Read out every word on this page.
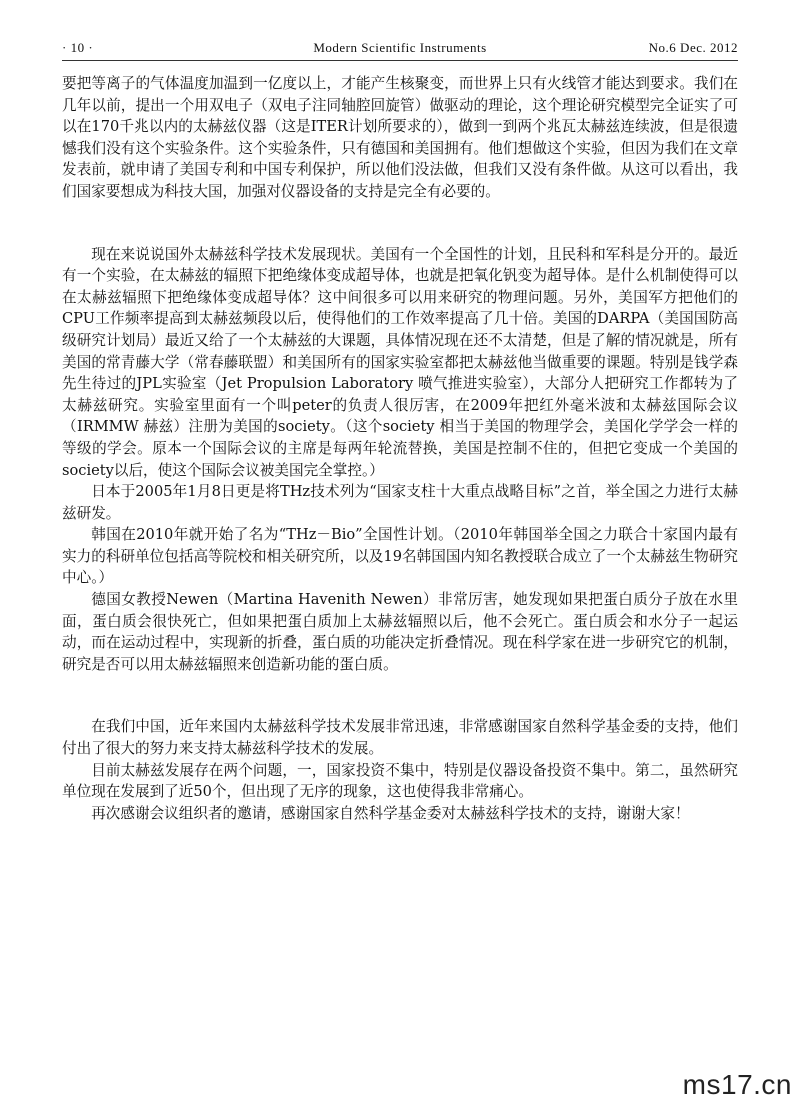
· 10 ·	Modern Scientific Instruments	No.6 Dec. 2012

要把等离子的气体温度加温到一亿度以上，才能产生核聚变，而世界上只有火线管才能达到要求。我们在几年以前，提出一个用双电子（双电子注同轴腔回旋管）做驱动的理论，这个理论研究模型完全证实了可以在170千兆以内的太赫兹仪器（这是ITER计划所要求的），做到一到两个兆瓦太赫兹连续波，但是很遗憾我们没有这个实验条件。这个实验条件，只有德国和美国拥有。他们想做这个实验，但因为我们在文章发表前，就申请了美国专利和中国专利保护，所以他们没法做，但我们又没有条件做。从这可以看出，我们国家要想成为科技大国，加强对仪器设备的支持是完全有必要的。

现在来说说国外太赫兹科学技术发展现状。美国有一个全国性的计划，且民科和军科是分开的。最近有一个实验，在太赫兹的辐照下把绝缘体变成超导体，也就是把氧化钒变为超导体。是什么机制使得可以在太赫兹辐照下把绝缘体变成超导体？这中间很多可以用来研究的物理问题。另外，美国军方把他们的CPU工作频率提高到太赫兹频段以后，使得他们的工作效率提高了几十倍。美国的DARPA（美国国防高级研究计划局）最近又给了一个太赫兹的大课题，具体情况现在还不太清楚，但是了解的情况就是，所有美国的常青藤大学（常春藤联盟）和美国所有的国家实验室都把太赫兹他当做重要的课题。特别是钱学森先生待过的JPL实验室（Jet Propulsion Laboratory 喷气推进实验室），大部分人把研究工作都转为了太赫兹研究。实验室里面有一个叫peter的负责人很厉害，在2009年把红外毫米波和太赫兹国际会议（IRMMW 赫兹）注册为美国的society。（这个society 相当于美国的物理学会，美国化学学会一样的等级的学会。原本一个国际会议的主席是每两年轮流替换，美国是控制不住的，但把它变成一个美国的society以后，使这个国际会议被美国完全掌控。）

日本于2005年1月8日更是将THz技术列为“国家支柱十大重点战略目标”之首，举全国之力进行太赫兹研发。

韩国在2010年就开始了名为“THz－Bio”全国性计划。（2010年韩国举全国之力联合十家国内最有实力的科研单位包括高等院校和相关研究所，以及19名韩国国内知名教授联合成立了一个太赫兹生物研究中心。）

德国女教授Newen（Martina Havenith Newen）非常厉害，她发现如果把蛋白质分子放在水里面，蛋白质会很快死亡，但如果把蛋白质加上太赫兹辐照以后，他不会死亡。蛋白质会和水分子一起运动，而在运动过程中，实现新的折叠，蛋白质的功能决定折叠情况。现在科学家在进一步研究它的机制，研究是否可以用太赫兹辐照来创造新功能的蛋白质。

在我们中国，近年来国内太赫兹科学技术发展非常迅速，非常感谢国家自然科学基金委的支持，他们付出了很大的努力来支持太赫兹科学技术的发展。

目前太赫兹发展存在两个问题，一，国家投资不集中，特别是仪器设备投资不集中。第二，虽然研究单位现在发展到了近50个，但出现了无序的现象，这也使得我非常痛心。

再次感谢会议组织者的邀请，感谢国家自然科学基金委对太赫兹科学技术的支持，谢谢大家！

ms17.cn
